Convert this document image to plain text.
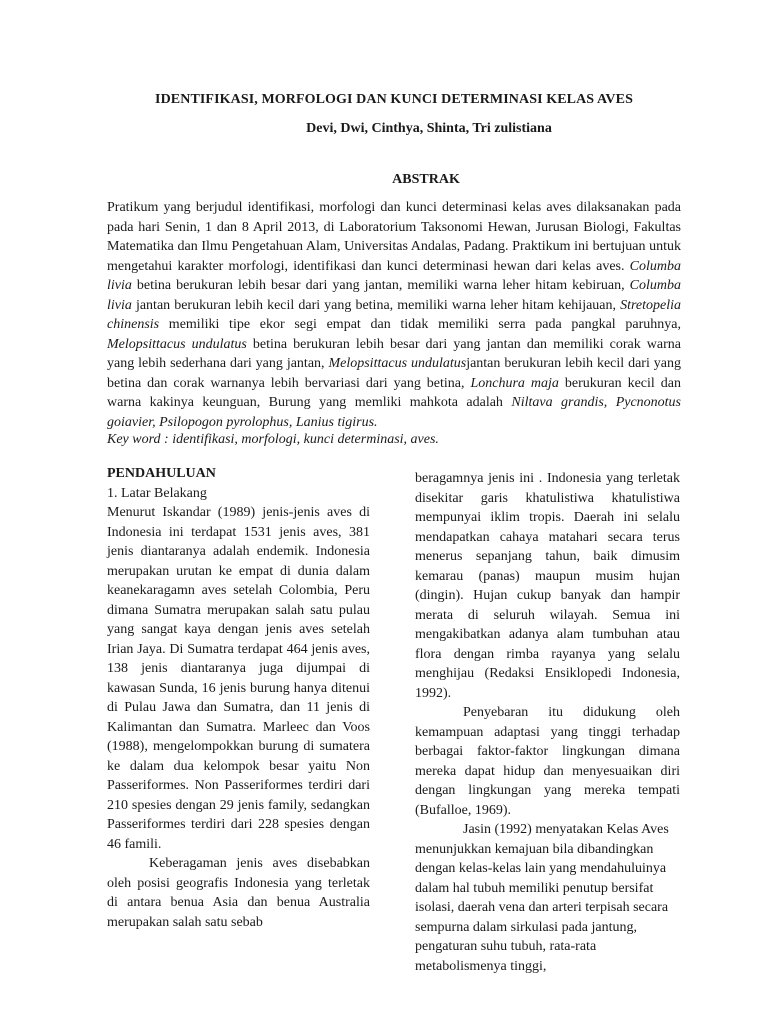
IDENTIFIKASI, MORFOLOGI DAN KUNCI DETERMINASI KELAS AVES
Devi, Dwi, Cinthya, Shinta, Tri zulistiana
ABSTRAK

Pratikum yang berjudul identifikasi, morfologi dan kunci determinasi kelas aves dilaksanakan pada pada hari Senin, 1 dan 8 April 2013, di Laboratorium Taksonomi Hewan, Jurusan Biologi, Fakultas Matematika dan Ilmu Pengetahuan Alam, Universitas Andalas, Padang. Praktikum ini bertujuan untuk mengetahui karakter morfologi, identifikasi dan kunci determinasi hewan dari kelas aves. Columba livia betina berukuran lebih besar dari yang jantan, memiliki warna leher hitam kebiruan, Columba livia jantan berukuran lebih kecil dari yang betina, memiliki warna leher hitam kehijauan, Stretopelia chinensis memiliki tipe ekor segi empat dan tidak memiliki serra pada pangkal paruhnya, Melopsittacus undulatus betina berukuran lebih besar dari yang jantan dan memiliki corak warna yang lebih sederhana dari yang jantan, Melopsittacus undulatusjantan berukuran lebih kecil dari yang betina dan corak warnanya lebih bervariasi dari yang betina, Lonchura maja berukuran kecil dan warna kakinya keunguan, Burung yang memliki mahkota adalah Niltava grandis, Pycnonotus goiavier, Psilopogon pyrolophus, Lanius tigirus.

Key word : identifikasi, morfologi, kunci determinasi, aves.

PENDAHULUAN

1. Latar Belakang

Menurut Iskandar (1989) jenis-jenis aves di Indonesia ini terdapat 1531 jenis aves, 381 jenis diantaranya adalah endemik. Indonesia merupakan urutan ke empat di dunia dalam keanekaragamn aves setelah Colombia, Peru dimana Sumatra merupakan salah satu pulau yang sangat kaya dengan jenis aves setelah Irian Jaya. Di Sumatra terdapat 464 jenis aves, 138 jenis diantaranya juga dijumpai di kawasan Sunda, 16 jenis burung hanya ditenui di Pulau Jawa dan Sumatra, dan 11 jenis di Kalimantan dan Sumatra. Marleec dan Voos (1988), mengelompokkan burung di sumatera ke dalam dua kelompok besar yaitu Non Passeriformes. Non Passeriformes terdiri dari 210 spesies dengan 29 jenis family, sedangkan Passeriformes terdiri dari 228 spesies dengan 46 famili.

Keberagaman jenis aves disebabkan oleh posisi geografis Indonesia yang terletak di antara benua Asia dan benua Australia merupakan salah satu sebab

beragamnya jenis ini . Indonesia yang terletak disekitar garis khatulistiwa khatulistiwa mempunyai iklim tropis. Daerah ini selalu mendapatkan cahaya matahari secara terus menerus sepanjang tahun, baik dimusim kemarau (panas) maupun musim hujan (dingin). Hujan cukup banyak dan hampir merata di seluruh wilayah. Semua ini mengakibatkan adanya alam tumbuhan atau flora dengan rimba rayanya yang selalu menghijau (Redaksi Ensiklopedi Indonesia, 1992).

Penyebaran itu didukung oleh kemampuan adaptasi yang tinggi terhadap berbagai faktor-faktor lingkungan dimana mereka dapat hidup dan menyesuaikan diri dengan lingkungan yang mereka tempati (Bufalloe, 1969).

Jasin (1992) menyatakan Kelas Aves menunjukkan kemajuan bila dibandingkan dengan kelas-kelas lain yang mendahuluinya dalam hal tubuh memiliki penutup bersifat isolasi, daerah vena dan arteri terpisah secara sempurna dalam sirkulasi pada jantung, pengaturan suhu tubuh, rata-rata metabolismenya tinggi,
